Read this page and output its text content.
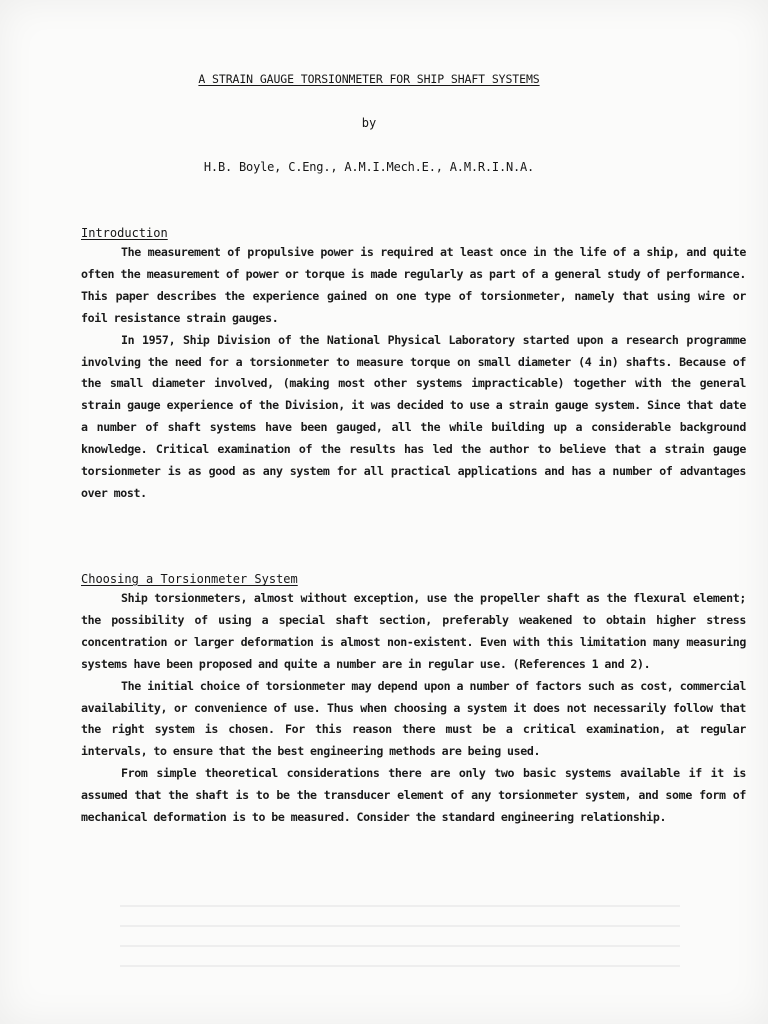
A STRAIN GAUGE TORSIONMETER FOR SHIP SHAFT SYSTEMS
by
H.B. Boyle, C.Eng., A.M.I.Mech.E., A.M.R.I.N.A.
Introduction

The measurement of propulsive power is required at least once in the life of a ship, and quite often the measurement of power or torque is made regularly as part of a general study of performance. This paper describes the experience gained on one type of torsionmeter, namely that using wire or foil resistance strain gauges.

In 1957, Ship Division of the National Physical Laboratory started upon a research programme involving the need for a torsionmeter to measure torque on small diameter (4 in) shafts. Because of the small diameter involved, (making most other systems impracticable) together with the general strain gauge experience of the Division, it was decided to use a strain gauge system. Since that date a number of shaft systems have been gauged, all the while building up a considerable background knowledge. Critical examination of the results has led the author to believe that a strain gauge torsionmeter is as good as any system for all practical applications and has a number of advantages over most.

Choosing a Torsionmeter System

Ship torsionmeters, almost without exception, use the propeller shaft as the flexural element; the possibility of using a special shaft section, preferably weakened to obtain higher stress concentration or larger deformation is almost non-existent. Even with this limitation many measuring systems have been proposed and quite a number are in regular use. (References 1 and 2).

The initial choice of torsionmeter may depend upon a number of factors such as cost, commercial availability, or convenience of use. Thus when choosing a system it does not necessarily follow that the right system is chosen. For this reason there must be a critical examination, at regular intervals, to ensure that the best engineering methods are being used.

From simple theoretical considerations there are only two basic systems available if it is assumed that the shaft is to be the transducer element of any torsionmeter system, and some form of mechanical deformation is to be measured. Consider the standard engineering relationship.
